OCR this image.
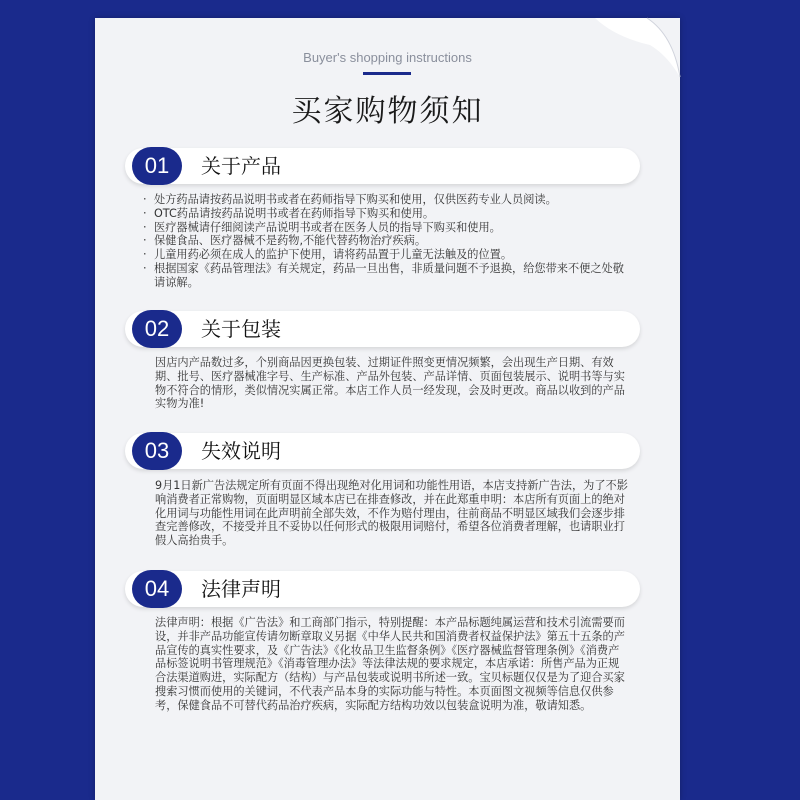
Buyer's shopping instructions
买家购物须知
01	关于产品
· 处方药品请按药品说明书或者在药师指导下购买和使用，仅供医药专业人员阅读。
· OTC药品请按药品说明书或者在药师指导下购买和使用。
· 医疗器械请仔细阅读产品说明书或者在医务人员的指导下购买和使用。
· 保健食品、医疗器械不是药物,不能代替药物治疗疾病。
· 儿童用药必须在成人的监护下使用，请将药品置于儿童无法触及的位置。
· 根据国家《药品管理法》有关规定，药品一旦出售，非质量问题不予退换，给您带来不便之处敬请谅解。
02	关于包装

因店内产品数过多，个别商品因更换包装、过期证件照变更情况频繁，会出现生产日期、有效期、批号、医疗器械准字号、生产标准、产品外包装、产品详情、页面包装展示、说明书等与实物不符合的情形，类似情况实属正常。本店工作人员一经发现，会及时更改。商品以收到的产品实物为准!

03	失效说明

9月1日新广告法规定所有页面不得出现绝对化用词和功能性用语，本店支持新广告法，为了不影响消费者正常购物，页面明显区域本店已在排查修改，并在此郑重申明：本店所有页面上的绝对化用词与功能性用词在此声明前全部失效，不作为赔付理由，往前商品不明显区域我们会逐步排查完善修改，不接受并且不妥协以任何形式的极限用词赔付，希望各位消费者理解，也请职业打假人高抬贵手。

04	法律声明

法律声明：根据《广告法》和工商部门指示，特别提醒：本产品标题纯属运营和技术引流需要而设，并非产品功能宣传请勿断章取义另据《中华人民共和国消费者权益保护法》第五十五条的产品宣传的真实性要求，及《广告法》《化妆品卫生监督条例》《医疗器械监督管理条例》《消费产品标签说明书管理规范》《消毒管理办法》等法律法规的要求规定，本店承诺：所售产品为正规合法渠道购进，实际配方（结构）与产品包装或说明书所述一致。宝贝标题仅仅是为了迎合买家搜索习惯而使用的关键词，不代表产品本身的实际功能与特性。本页面图文视频等信息仅供参考，保健食品不可替代药品治疗疾病，实际配方结构功效以包装盒说明为准，敬请知悉。
